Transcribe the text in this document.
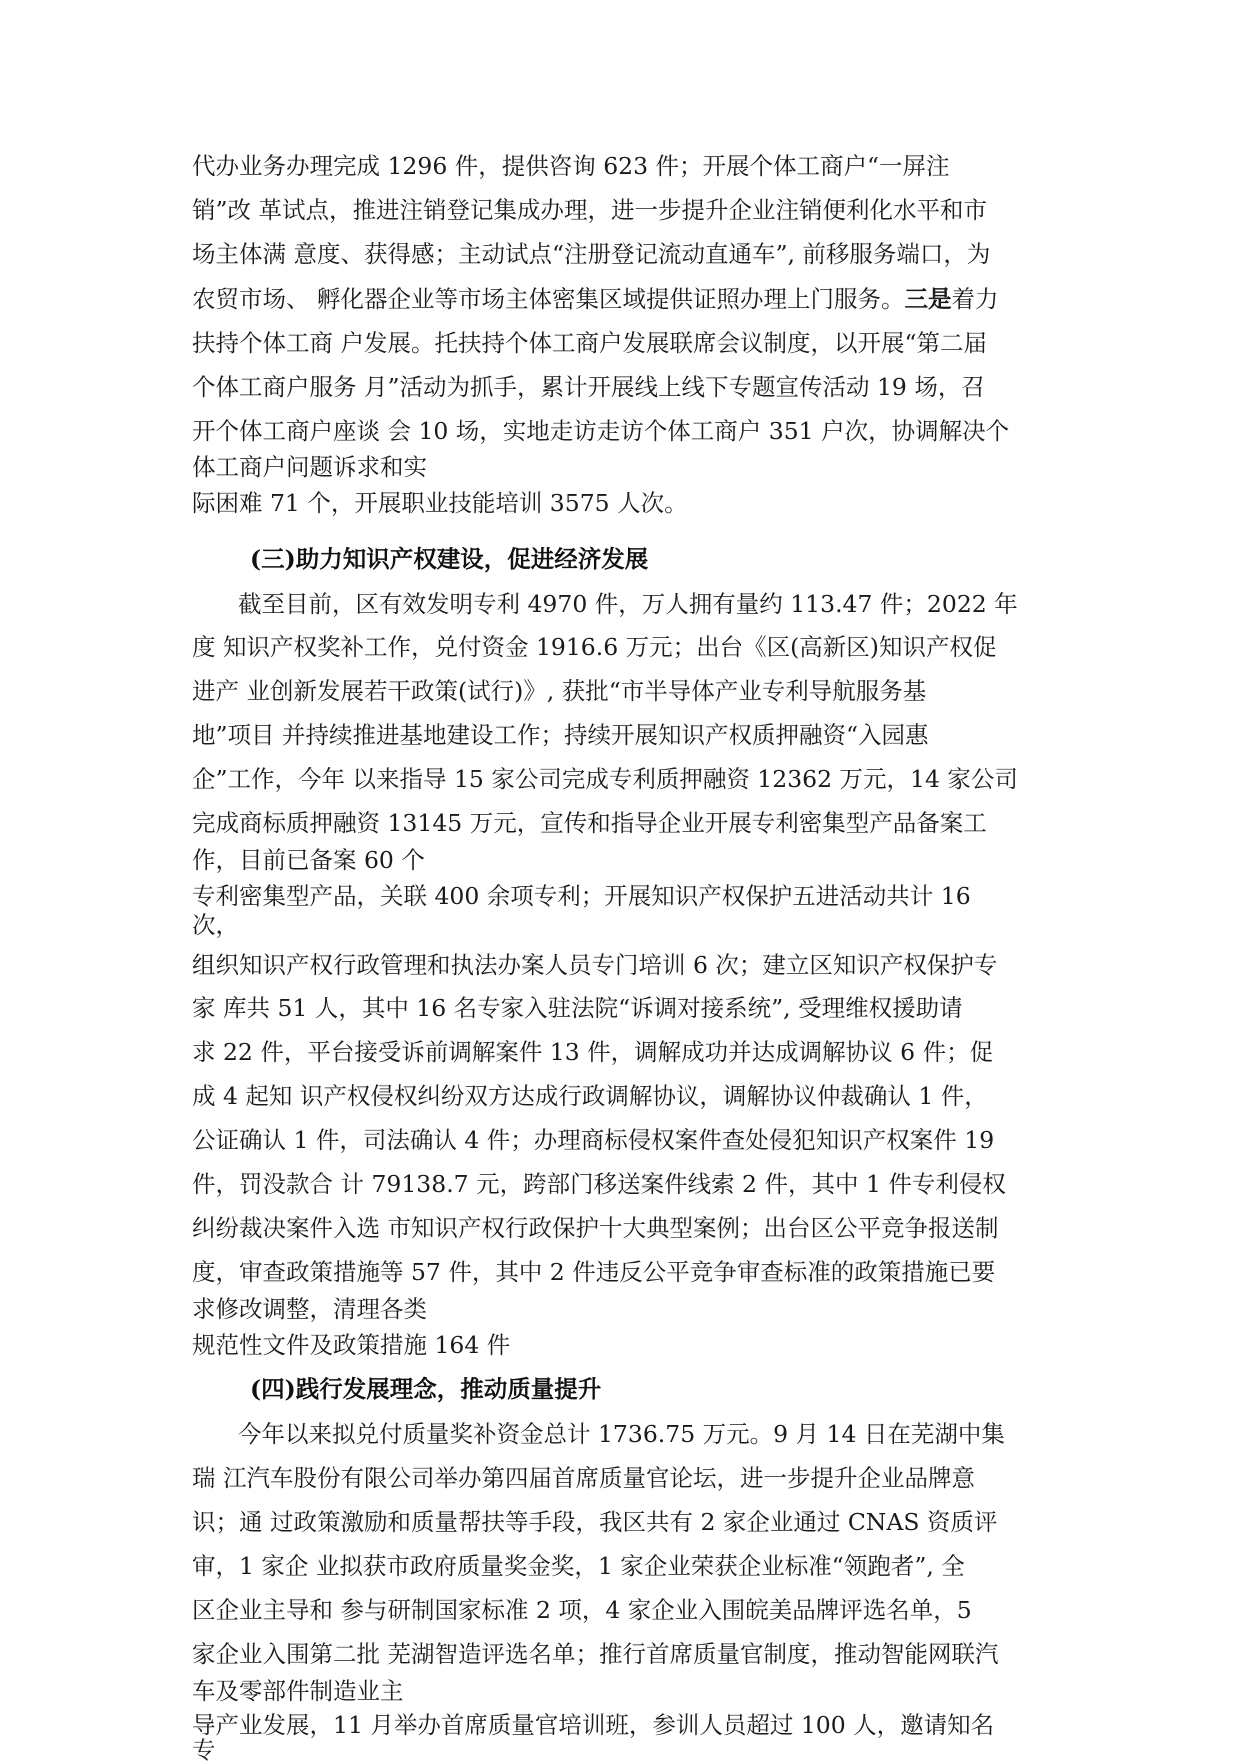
代办业务办理完成 1296 件，提供咨询 623 件；开展个体工商户“一屏注
销”改 革试点，推进注销登记集成办理，进一步提升企业注销便利化水平和市
场主体满 意度、获得感；主动试点“注册登记流动直通车”, 前移服务端口，为
农贸市场、 孵化器企业等市场主体密集区域提供证照办理上门服务。三是着力
扶持个体工商 户发展。托扶持个体工商户发展联席会议制度，以开展“第二届
个体工商户服务 月”活动为抓手，累计开展线上线下专题宣传活动 19 场，召
开个体工商户座谈 会 10 场，实地走访走访个体工商户 351 户次，协调解决个
体工商户问题诉求和实
际困难 71 个，开展职业技能培训 3575 人次。
(三)助力知识产权建设，促进经济发展
截至目前，区有效发明专利 4970 件，万人拥有量约 113.47 件；2022 年
度 知识产权奖补工作，兑付资金 1916.6 万元；出台《区(高新区)知识产权促
进产 业创新发展若干政策(试行)》, 获批“市半导体产业专利导航服务基
地”项目 并持续推进基地建设工作；持续开展知识产权质押融资“入园惠
企”工作，今年 以来指导 15 家公司完成专利质押融资 12362 万元，14 家公司
完成商标质押融资 13145 万元，宣传和指导企业开展专利密集型产品备案工
作，目前已备案 60 个
专利密集型产品，关联 400 余项专利；开展知识产权保护五进活动共计 16
次，
组织知识产权行政管理和执法办案人员专门培训 6 次；建立区知识产权保护专
家 库共 51 人，其中 16 名专家入驻法院“诉调对接系统”, 受理维权援助请
求 22 件，平台接受诉前调解案件 13 件，调解成功并达成调解协议 6 件；促
成 4 起知 识产权侵权纠纷双方达成行政调解协议，调解协议仲裁确认 1 件，
公证确认 1 件，司法确认 4 件；办理商标侵权案件查处侵犯知识产权案件 19
件，罚没款合 计 79138.7 元，跨部门移送案件线索 2 件，其中 1 件专利侵权
纠纷裁决案件入选 市知识产权行政保护十大典型案例；出台区公平竞争报送制
度，审查政策措施等 57 件，其中 2 件违反公平竞争审查标准的政策措施已要
求修改调整，清理各类
规范性文件及政策措施 164 件
(四)践行发展理念，推动质量提升
今年以来拟兑付质量奖补资金总计 1736.75 万元。9 月 14 日在芜湖中集
瑞 江汽车股份有限公司举办第四届首席质量官论坛，进一步提升企业品牌意
识；通 过政策激励和质量帮扶等手段，我区共有 2 家企业通过 CNAS 资质评
审，1 家企 业拟获市政府质量奖金奖，1 家企业荣获企业标准“领跑者”, 全
区企业主导和 参与研制国家标准 2 项，4 家企业入围皖美品牌评选名单，5
家企业入围第二批 芜湖智造评选名单；推行首席质量官制度，推动智能网联汽
车及零部件制造业主
导产业发展，11 月举办首席质量官培训班，参训人员超过 100 人，邀请知名
专
